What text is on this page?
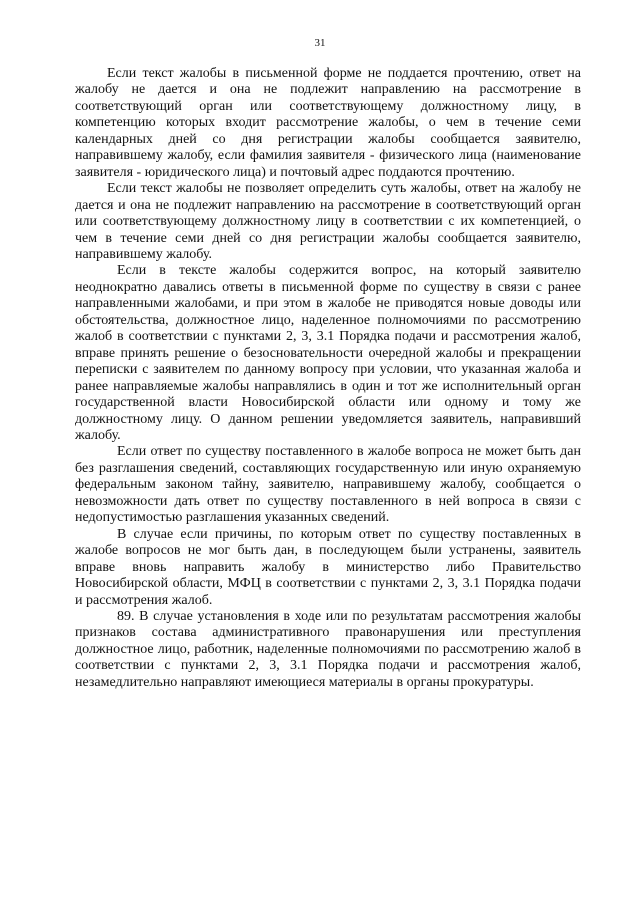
31

Если текст жалобы в письменной форме не поддается прочтению, ответ на жалобу не дается и она не подлежит направлению на рассмотрение в соответствующий орган или соответствующему должностному лицу, в компетенцию которых входит рассмотрение жалобы, о чем в течение семи календарных дней со дня регистрации жалобы сообщается заявителю, направившему жалобу, если фамилия заявителя - физического лица (наименование заявителя - юридического лица) и почтовый адрес поддаются прочтению.

Если текст жалобы не позволяет определить суть жалобы, ответ на жалобу не дается и она не подлежит направлению на рассмотрение в соответствующий орган или соответствующему должностному лицу в соответствии с их компетенцией, о чем в течение семи дней со дня регистрации жалобы сообщается заявителю, направившему жалобу.

Если в тексте жалобы содержится вопрос, на который заявителю неоднократно давались ответы в письменной форме по существу в связи с ранее направленными жалобами, и при этом в жалобе не приводятся новые доводы или обстоятельства, должностное лицо, наделенное полномочиями по рассмотрению жалоб в соответствии с пунктами 2, 3, 3.1 Порядка подачи и рассмотрения жалоб, вправе принять решение о безосновательности очередной жалобы и прекращении переписки с заявителем по данному вопросу при условии, что указанная жалоба и ранее направляемые жалобы направлялись в один и тот же исполнительный орган государственной власти Новосибирской области или одному и тому же должностному лицу. О данном решении уведомляется заявитель, направивший жалобу.

Если ответ по существу поставленного в жалобе вопроса не может быть дан без разглашения сведений, составляющих государственную или иную охраняемую федеральным законом тайну, заявителю, направившему жалобу, сообщается о невозможности дать ответ по существу поставленного в ней вопроса в связи с недопустимостью разглашения указанных сведений.

В случае если причины, по которым ответ по существу поставленных в жалобе вопросов не мог быть дан, в последующем были устранены, заявитель вправе вновь направить жалобу в министерство либо Правительство Новосибирской области, МФЦ в соответствии с пунктами 2, 3, 3.1 Порядка подачи и рассмотрения жалоб.

89. В случае установления в ходе или по результатам рассмотрения жалобы признаков состава административного правонарушения или преступления должностное лицо, работник, наделенные полномочиями по рассмотрению жалоб в соответствии с пунктами 2, 3, 3.1 Порядка подачи и рассмотрения жалоб, незамедлительно направляют имеющиеся материалы в органы прокуратуры.
